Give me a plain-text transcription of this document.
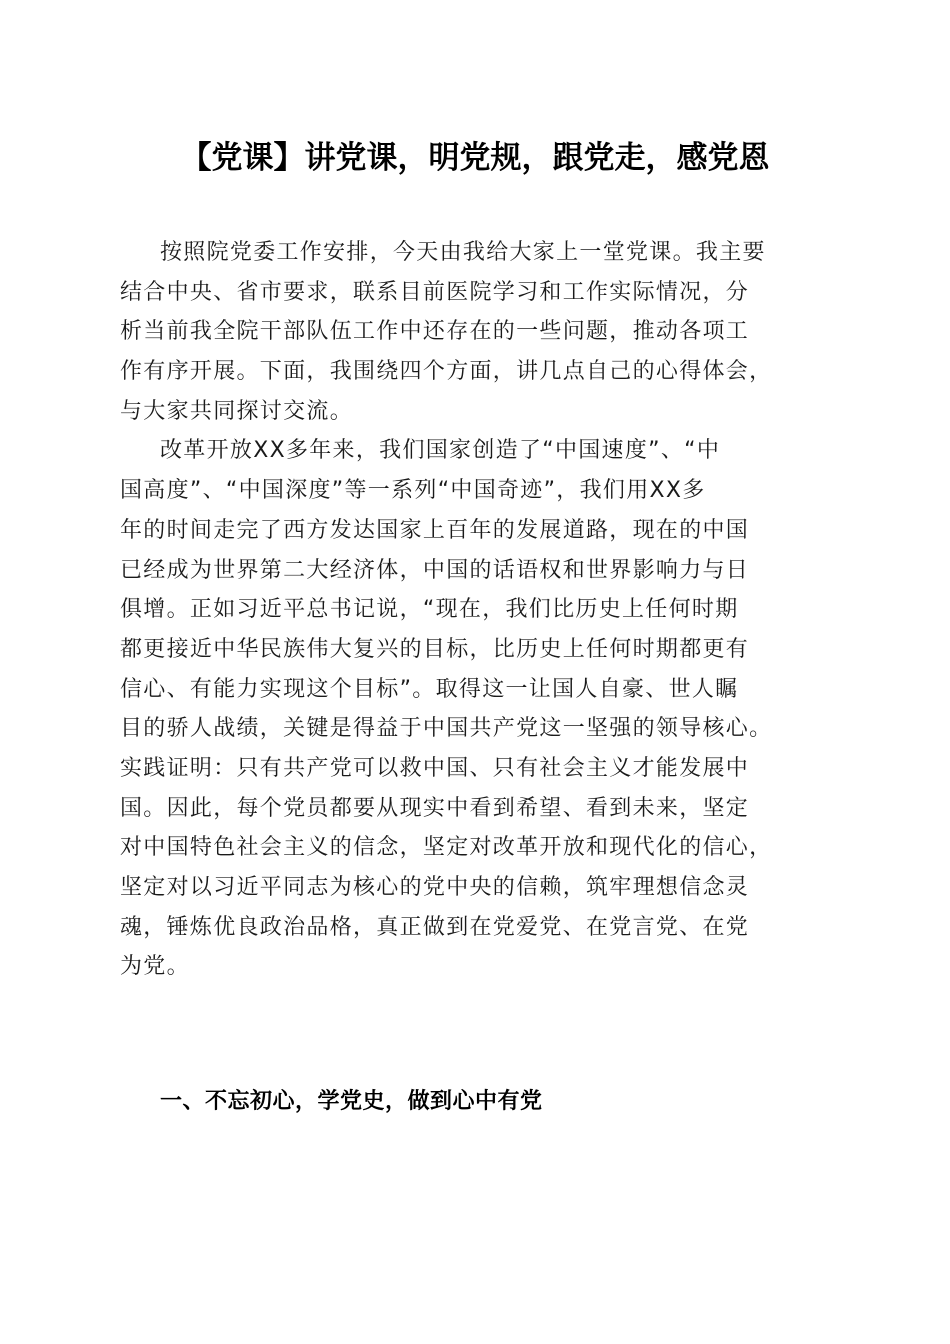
【党课】讲党课，明党规，跟党走，感党恩
按照院党委工作安排，今天由我给大家上一堂党课。我主要
结合中央、省市要求，联系目前医院学习和工作实际情况，分
析当前我全院干部队伍工作中还存在的一些问题，推动各项工
作有序开展。下面，我围绕四个方面，讲几点自己的心得体会，
与大家共同探讨交流。
改革开放XX多年来，我们国家创造了“中国速度”、“中
国高度”、“中国深度”等一系列“中国奇迹”，我们用XX多
年的时间走完了西方发达国家上百年的发展道路，现在的中国
已经成为世界第二大经济体，中国的话语权和世界影响力与日
俱增。正如习近平总书记说，“现在，我们比历史上任何时期
都更接近中华民族伟大复兴的目标，比历史上任何时期都更有
信心、有能力实现这个目标”。取得这一让国人自豪、世人瞩
目的骄人战绩，关键是得益于中国共产党这一坚强的领导核心。
实践证明：只有共产党可以救中国、只有社会主义才能发展中
国。因此，每个党员都要从现实中看到希望、看到未来，坚定
对中国特色社会主义的信念，坚定对改革开放和现代化的信心，
坚定对以习近平同志为核心的党中央的信赖，筑牢理想信念灵
魂，锤炼优良政治品格，真正做到在党爱党、在党言党、在党
为党。
一、不忘初心，学党史，做到心中有党
